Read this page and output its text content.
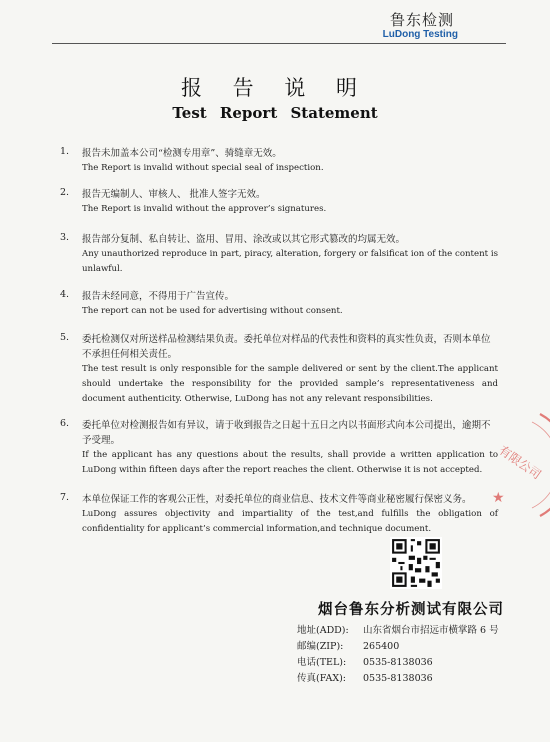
鲁东检测
LuDong Testing
报 告 说 明
Test Report Statement
1. 报告未加盖本公司“检测专用章”、骑缝章无效。
The Report is invalid without special seal of inspection.
2. 报告无编制人、审核人、 批准人签字无效。
The Report is invalid without the approver’s signatures.
3. 报告部分复制、私自转让、盗用、冒用、涂改或以其它形式篡改的均属无效。
Any unauthorized reproduce in part, piracy, alteration, forgery or falsificat ion of the content is unlawful.
4. 报告未经同意，不得用于广告宣传。
The report can not be used for advertising without consent.
5. 委托检测仅对所送样品检测结果负责。委托单位对样品的代表性和资料的真实性负责，否则本单位不承担任何相关责任。
The test result is only responsible for the sample delivered or sent by the client.The applicant should undertake the responsibility for the provided sample’s representativeness and document authenticity. Otherwise, LuDong has not any relevant responsibilities.
6. 委托单位对检测报告如有异议，请于收到报告之日起十五日之内以书面形式向本公司提出，逾期不予受理。
If the applicant has any questions about the results, shall provide a written application to LuDong within fifteen days after the report reaches the client. Otherwise it is not accepted.
7. 本单位保证工作的客观公正性，对委托单位的商业信息、技术文件等商业秘密履行保密义务。
LuDong assures objectivity and impartiality of the test,and fulfills the obligation of confidentiality for applicant’s commercial information,and technique document.
有限公司
★
烟台鲁东分析测试有限公司
地址(ADD): 山东省烟台市招远市横掌路 6 号
邮编(ZIP): 265400
电话(TEL): 0535-8138036
传真(FAX): 0535-8138036
